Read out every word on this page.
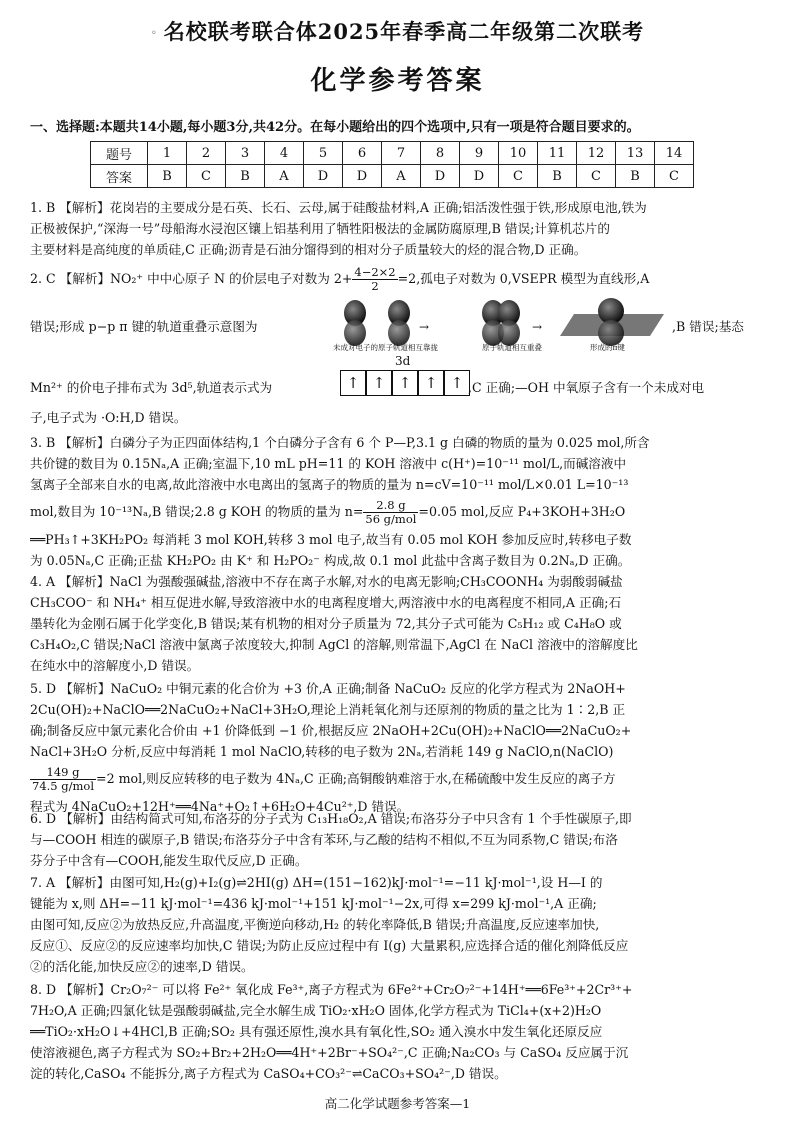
◦ 名校联考联合体2025年春季高二年级第二次联考
化学参考答案
一、选择题:本题共14小题,每小题3分,共42分。在每小题给出的四个选项中,只有一项是符合题目要求的。
题号	1	2	3	4	5	6	7	8	9	10	11	12	13	14
答案	B	C	B	A	D	D	A	D	D	C	B	C	B	C
1. B 【解析】花岗岩的主要成分是石英、长石、云母,属于硅酸盐材料,A 正确;铝活泼性强于铁,形成原电池,铁为
正极被保护,“深海一号”母船海水浸泡区镶上铝基利用了牺牲阳极法的金属防腐原理,B 错误;计算机芯片的
主要材料是高纯度的单质硅,C 正确;沥青是石油分馏得到的相对分子质量较大的烃的混合物,D 正确。
2. C 【解析】NO₂⁺ 中中心原子 N 的价层电子对数为 $2+ \frac{4-2\times 2}{2} =2$,孤电子对数为 0,VSEPR 模型为直线形,A
错误;形成 p−p π 键的轨道重叠示意图为	,B 错误;基态
→	→
未成对电子的原子轨道相互靠拢	原子轨道相互重叠	形成的π键
3d
↑ ↑ ↑ ↑ ↑
Mn²⁺ 的价电子排布式为 3d⁵,轨道表示式为	,C 正确;—OH 中氧原子含有一个未成对电
子,电子式为 ·O:H,D 错误。
3. B 【解析】白磷分子为正四面体结构,1 个白磷分子含有 6 个 P—P,3.1 g 白磷的物质的量为 0.025 mol,所含
共价键的数目为 0.15Nₐ,A 正确;室温下,10 mL pH=11 的 KOH 溶液中 c(H⁺)=10⁻¹¹ mol/L,而碱溶液中
氢离子全部来自水的电离,故此溶液中水电离出的氢离子的物质的量为 n=cV=10⁻¹¹ mol/L×0.01 L=10⁻¹³
mol,数目为 10⁻¹³Nₐ,B 错误;2.8 g KOH 的物质的量为 $n= \frac{2.8 g}{\text{56 g/mol}} =0.05$ mol,反应 P₄+3KOH+3H₂O
══PH₃↑+3KH₂PO₂ 每消耗 3 mol KOH,转移 3 mol 电子,故当有 0.05 mol KOH 参加反应时,转移电子数
为 0.05Nₐ,C 正确;正盐 KH₂PO₂ 由 K⁺ 和 H₂PO₂⁻ 构成,故 0.1 mol 此盐中含离子数目为 0.2Nₐ,D 正确。
4. A 【解析】NaCl 为强酸强碱盐,溶液中不存在离子水解,对水的电离无影响;CH₃COONH₄ 为弱酸弱碱盐
CH₃COO⁻ 和 NH₄⁺ 相互促进水解,导致溶液中水的电离程度增大,两溶液中水的电离程度不相同,A 正确;石
墨转化为金刚石属于化学变化,B 错误;某有机物的相对分子质量为 72,其分子式可能为 C₅H₁₂ 或 C₄H₈O 或
C₃H₄O₂,C 错误;NaCl 溶液中氯离子浓度较大,抑制 AgCl 的溶解,则常温下,AgCl 在 NaCl 溶液中的溶解度比
在纯水中的溶解度小,D 错误。
5. D 【解析】NaCuO₂ 中铜元素的化合价为 +3 价,A 正确;制备 NaCuO₂ 反应的化学方程式为 2NaOH+
2Cu(OH)₂+NaClO══2NaCuO₂+NaCl+3H₂O,理论上消耗氧化剂与还原剂的物质的量之比为 1∶2,B 正
确;制备反应中氯元素化合价由 +1 价降低到 −1 价,根据反应 2NaOH+2Cu(OH)₂+NaClO══2NaCuO₂+
NaCl+3H₂O 分析,反应中每消耗 1 mol NaClO,转移的电子数为 2Nₐ,若消耗 149 g NaClO,n(NaClO)
$\frac{149 g}{\text{74.5 g/mol}} =2$ mol,则反应转移的电子数为 4Nₐ,C 正确;高铜酸钠难溶于水,在稀硫酸中发生反应的离子方
程式为 4NaCuO₂+12H⁺══4Na⁺+O₂↑+6H₂O+4Cu²⁺,D 错误。
6. D 【解析】由结构简式可知,布洛芬的分子式为 C₁₃H₁₈O₂,A 错误;布洛芬分子中只含有 1 个手性碳原子,即
与—COOH 相连的碳原子,B 错误;布洛芬分子中含有苯环,与乙酸的结构不相似,不互为同系物,C 错误;布洛
芬分子中含有—COOH,能发生取代反应,D 正确。
7. A 【解析】由图可知,H₂(g)+I₂(g)⇌2HI(g) ΔH=(151−162)kJ·mol⁻¹=−11 kJ·mol⁻¹,设 H—I 的
键能为 x,则 ΔH=−11 kJ·mol⁻¹=436 kJ·mol⁻¹+151 kJ·mol⁻¹−2x,可得 x=299 kJ·mol⁻¹,A 正确;
由图可知,反应②为放热反应,升高温度,平衡逆向移动,H₂ 的转化率降低,B 错误;升高温度,反应速率加快,
反应①、反应②的反应速率均加快,C 错误;为防止反应过程中有 I(g) 大量累积,应选择合适的催化剂降低反应
②的活化能,加快反应②的速率,D 错误。
8. D 【解析】Cr₂O₇²⁻ 可以将 Fe²⁺ 氧化成 Fe³⁺,离子方程式为 6Fe²⁺+Cr₂O₇²⁻+14H⁺══6Fe³⁺+2Cr³⁺+
7H₂O,A 正确;四氯化钛是强酸弱碱盐,完全水解生成 TiO₂·xH₂O 固体,化学方程式为 TiCl₄+(x+2)H₂O
══TiO₂·xH₂O↓+4HCl,B 正确;SO₂ 具有强还原性,溴水具有氧化性,SO₂ 通入溴水中发生氧化还原反应
使溶液褪色,离子方程式为 SO₂+Br₂+2H₂O══4H⁺+2Br⁻+SO₄²⁻,C 正确;Na₂CO₃ 与 CaSO₄ 反应属于沉
淀的转化,CaSO₄ 不能拆分,离子方程式为 CaSO₄+CO₃²⁻⇌CaCO₃+SO₄²⁻,D 错误。
高二化学试题参考答案—1
